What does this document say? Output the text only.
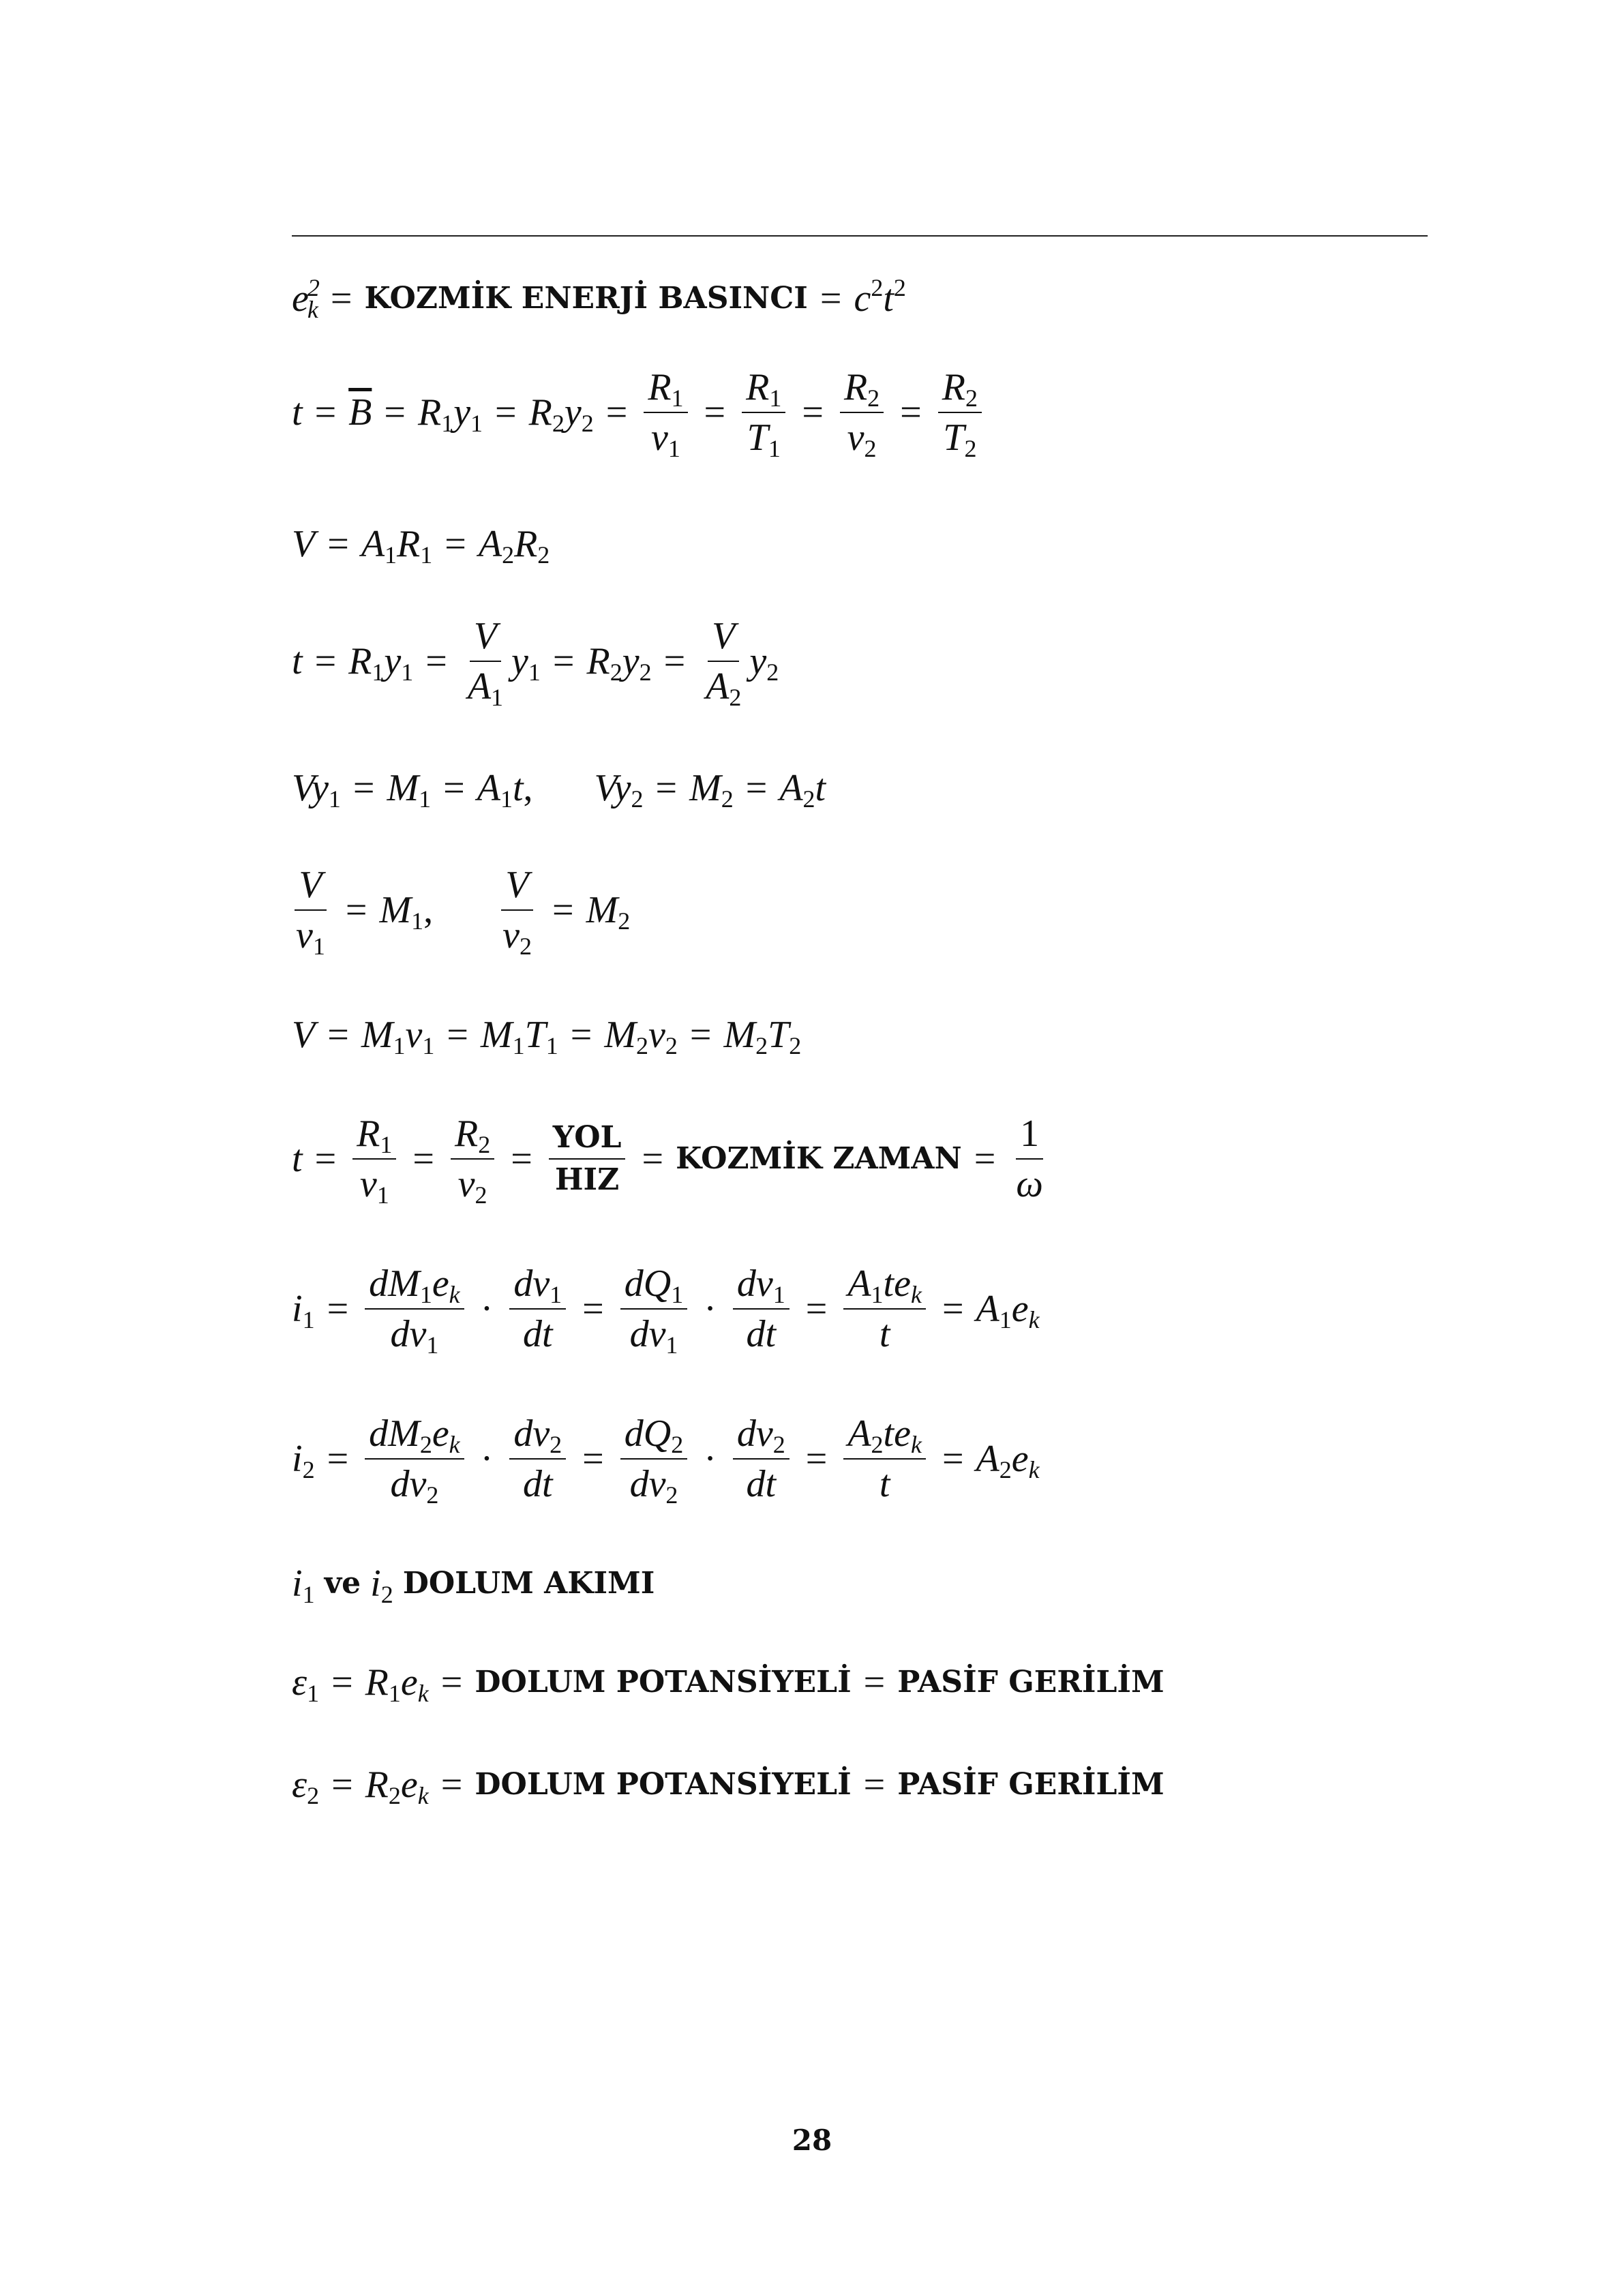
$e^2_k$ = KOZMİK ENERJİ BASINCI = $c^2t^2$
$t = \overline{B} = R_1y_1 = R_2y_2 = \frac{R_1}{v_1} = \frac{R_1}{T_1} = \frac{R_2}{v_2} = \frac{R_2}{T_2}$
$V = A_1R_1 = A_2R_2$
$t = R_1y_1 = \frac{V}{A_1} y_1 = R_2y_2 = \frac{V}{A_2} y_2$
$Vy_1 = M_1 = A_1t$ , $Vy_2 = M_2 = A_2t$
$\frac{V}{v_1} = M_1$ , $\frac{V}{v_2} = M_2$
$V = M_1v_1 = M_1T_1 = M_2v_2 = M_2T_2$
$t = \frac{R_1}{v_1} = \frac{R_2}{v_2} = \frac{\text{YOL}}{\text{HIZ}}$ = KOZMİK ZAMAN = $\frac{1}{\omega}$
$i_1 = \frac{dM_1e_k}{dv_1} \cdot \frac{dv_1}{dt} = \frac{dQ_1}{dv_1} \cdot \frac{dv_1}{dt} = \frac{A_1te_k}{t} = A_1e_k$
$i_2 = \frac{dM_2e_k}{dv_2} \cdot \frac{dv_2}{dt} = \frac{dQ_2}{dv_2} \cdot \frac{dv_2}{dt} = \frac{A_2te_k}{t} = A_2e_k$
$i_1$ ve $i_2$ DOLUM AKIMI
$\varepsilon_1 = R_1e_k$ = DOLUM POTANSİYELİ = PASİF GERİLİM
$\varepsilon_2 = R_2e_k$ = DOLUM POTANSİYELİ = PASİF GERİLİM
28
